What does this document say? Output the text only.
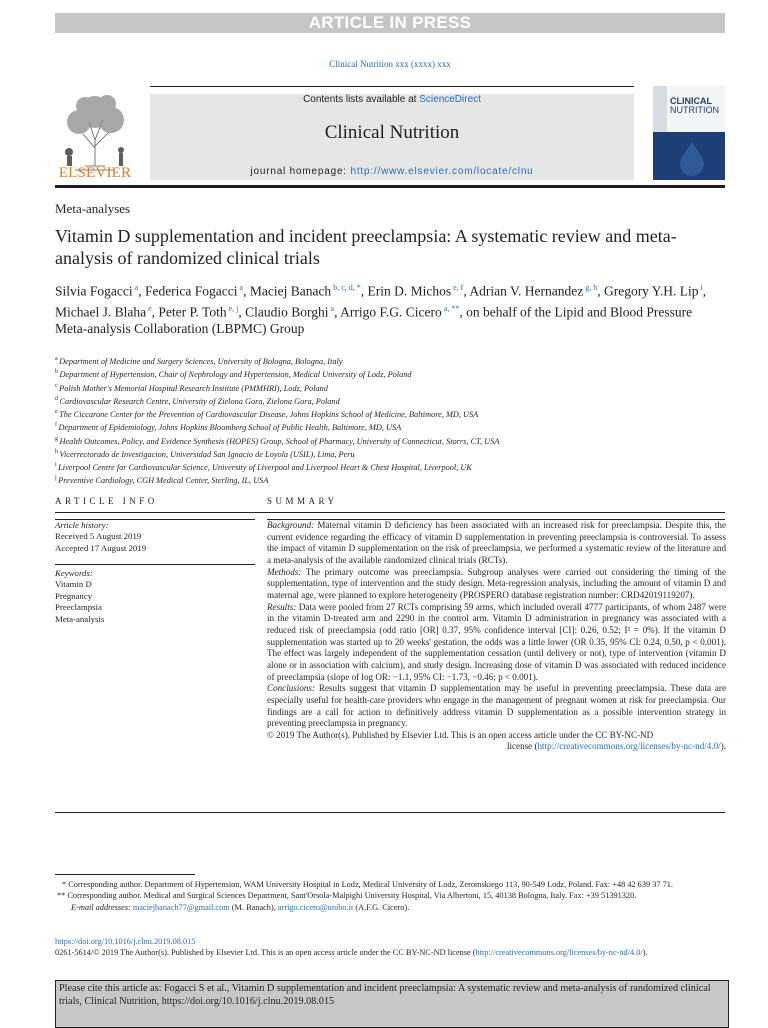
ARTICLE IN PRESS
Clinical Nutrition xxx (xxxx) xxx
ELSEVIER
Contents lists available at ScienceDirect
Clinical Nutrition
journal homepage: http://www.elsevier.com/locate/clnu
CLINICAL
NUTRITION
Meta-analyses
Vitamin D supplementation and incident preeclampsia: A systematic review and meta-analysis of randomized clinical trials
Silvia Fogacci $^a$, Federica Fogacci $^a$, Maciej Banach $^{b, c, d, *}$, Erin D. Michos $^{e, f}$, Adrian V. Hernandez $^{g, h}$, Gregory Y.H. Lip $^i$, Michael J. Blaha $^e$, Peter P. Toth $^{e, j}$, Claudio Borghi $^a$, Arrigo F.G. Cicero $^{a, **}$, on behalf of the Lipid and Blood Pressure Meta-analysis Collaboration (LBPMC) Group
$^a$ Department of Medicine and Surgery Sciences, University of Bologna, Bologna, Italy
$^b$ Department of Hypertension, Chair of Nephrology and Hypertension, Medical University of Lodz, Poland
$^c$ Polish Mother's Memorial Hospital Research Institute (PMMHRI), Lodz, Poland
$^d$ Cardiovascular Research Centre, University of Zielona Gora, Zielona Gora, Poland
$^e$ The Ciccarone Center for the Prevention of Cardiovascular Disease, Johns Hopkins School of Medicine, Baltimore, MD, USA
$^f$ Department of Epidemiology, Johns Hopkins Bloomberg School of Public Health, Baltimore, MD, USA
$^g$ Health Outcomes, Policy, and Evidence Synthesis (HOPES) Group, School of Pharmacy, University of Connecticut, Storrs, CT, USA
$^h$ Vicerrectorado de Investigacion, Universidad San Ignacio de Loyola (USIL), Lima, Peru
$^i$ Liverpool Centre for Cardiovascular Science, University of Liverpool and Liverpool Heart & Chest Hospital, Liverpool, UK
$^j$ Preventive Cardiology, CGH Medical Center, Sterling, IL, USA
ARTICLE INFO	SUMMARY
Article history:
Received 5 August 2019
Accepted 17 August 2019
Keywords:
Vitamin D
Pregnancy
Preeclampsia
Meta-analysis

Background: Maternal vitamin D deficiency has been associated with an increased risk for preeclampsia. Despite this, the current evidence regarding the efficacy of vitamin D supplementation in preventing preeclampsia is controversial. To assess the impact of vitamin D supplementation on the risk of preeclampsia, we performed a systematic review of the literature and a meta-analysis of the available randomized clinical trials (RCTs).

Methods: The primary outcome was preeclampsia. Subgroup analyses were carried out considering the timing of the supplementation, type of intervention and the study design. Meta-regression analysis, including the amount of vitamin D and maternal age, were planned to explore heterogeneity (PROSPERO database registration number: CRD42019119207).

Results: Data were pooled from 27 RCTs comprising 59 arms, which included overall 4777 participants, of whom 2487 were in the vitamin D-treated arm and 2290 in the control arm. Vitamin D administration in pregnancy was associated with a reduced risk of preeclampsia (odd ratio [OR] 0.37, 95% confidence interval [CI]: 0.26, 0.52; I² = 0%). If the vitamin D supplementation was started up to 20 weeks' gestation, the odds was a little lower (OR 0.35, 95% CI: 0.24, 0.50, p < 0.001). The effect was largely independent of the supplementation cessation (until delivery or not), type of intervention (vitamin D alone or in association with calcium), and study design. Increasing dose of vitamin D was associated with reduced incidence of preeclampsia (slope of log OR: −1.1, 95% CI: −1.73, −0.46; p < 0.001).

Conclusions: Results suggest that vitamin D supplementation may be useful in preventing preeclampsia. These data are especially useful for health-care providers who engage in the management of pregnant women at risk for preeclampsia. Our findings are a call for action to definitively address vitamin D supplementation as a possible intervention strategy in preventing preeclampsia in pregnancy.

© 2019 The Author(s). Published by Elsevier Ltd. This is an open access article under the CC BY-NC-ND

license (http://creativecommons.org/licenses/by-nc-nd/4.0/).

* Corresponding author. Department of Hypertension, WAM University Hospital in Lodz, Medical University of Lodz, Zeromskiego 113, 90-549 Lodz, Poland. Fax: +48 42 639 37 71.
** Corresponding author. Medical and Surgical Sciences Department, Sant'Orsola-Malpighi University Hospital, Via Albertoni, 15, 40138 Bologna, Italy. Fax: +39 51391320.
E-mail addresses: maciejbanach77@gmail.com (M. Banach), arrigo.cicero@unibo.it (A.F.G. Cicero).
https://doi.org/10.1016/j.clnu.2019.08.015
0261-5614/© 2019 The Author(s). Published by Elsevier Ltd. This is an open access article under the CC BY-NC-ND license (http://creativecommons.org/licenses/by-nc-nd/4.0/).
Please cite this article as: Fogacci S et al., Vitamin D supplementation and incident preeclampsia: A systematic review and meta-analysis of randomized clinical trials, Clinical Nutrition, https://doi.org/10.1016/j.clnu.2019.08.015
